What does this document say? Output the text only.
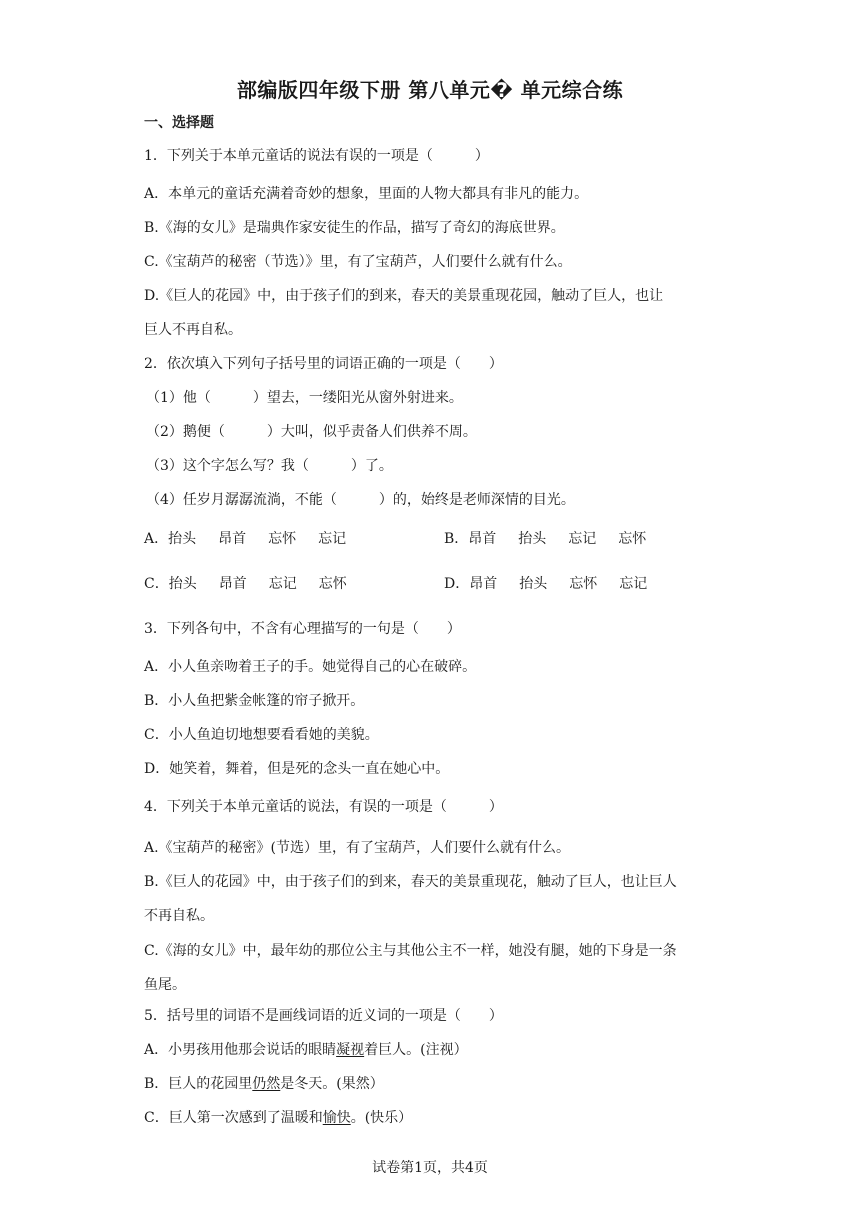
部编版四年级下册 第八单元� 单元综合练
一、选择题
1．下列关于本单元童话的说法有误的一项是（　　　）
A．本单元的童话充满着奇妙的想象，里面的人物大都具有非凡的能力。
B.《海的女儿》是瑞典作家安徒生的作品，描写了奇幻的海底世界。
C.《宝葫芦的秘密（节选）》里，有了宝葫芦，人们要什么就有什么。
D.《巨人的花园》中，由于孩子们的到来，春天的美景重现花园，触动了巨人，也让
巨人不再自私。
2．依次填入下列句子括号里的词语正确的一项是（　　）
（1）他（　　　）望去，一缕阳光从窗外射进来。
（2）鹅便（　　　）大叫，似乎责备人们供养不周。
（3）这个字怎么写？我（　　　）了。
（4）任岁月潺潺流淌，不能（　　　）的，始终是老师深情的目光。
A．抬头 昂首 忘怀 忘记	B．昂首 抬头 忘记 忘怀
C．抬头 昂首 忘记 忘怀	D．昂首 抬头 忘怀 忘记
3．下列各句中，不含有心理描写的一句是（　　）
A．小人鱼亲吻着王子的手。她觉得自己的心在破碎。
B．小人鱼把紫金帐篷的帘子掀开。
C．小人鱼迫切地想要看看她的美貌。
D．她笑着，舞着，但是死的念头一直在她心中。
4．下列关于本单元童话的说法，有误的一项是（　　　）
A.《宝葫芦的秘密》(节选）里，有了宝葫芦，人们要什么就有什么。
B.《巨人的花园》中，由于孩子们的到来，春天的美景重现花，触动了巨人，也让巨人
不再自私。
C.《海的女儿》中，最年幼的那位公主与其他公主不一样，她没有腿，她的下身是一条
鱼尾。
5．括号里的词语不是画线词语的近义词的一项是（　　）
A．小男孩用他那会说话的眼睛凝视着巨人。(注视）
B．巨人的花园里仍然是冬天。(果然）
C．巨人第一次感到了温暖和愉快。(快乐）
试卷第1页，共4页
